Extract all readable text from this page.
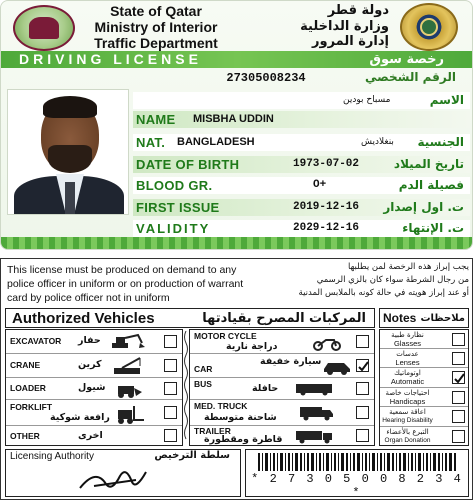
State of Qatar
Ministry of Interior
Traffic Department
دولة قطر
وزارة الداخلية
إدارة المرور
DRIVING LICENSE	رخصة سوق
27305008234	الرقم الشخصي
مسباح بودين	الاسم
NAME MISBHA UDDIN
NAT. BANGLADESH	بنغلاديش الجنسية
DATE OF BIRTH	1973-07-02	تاريخ الميلاد
BLOOD GR.	O+	فصيلة الدم
FIRST ISSUE	2019-12-16 ت. اول إصدار
VALIDITY	2029-12-16	ت. الإنتهاء
This license must be produced on demand to any police officer in uniform or on production of warrant card by police officer not in uniform
يجب إبراز هذه الرخصة لمن يطلبها
من رجال الشرطة سواء كان بالزي الرسمي
أو عند إبراز هويته في حالة كونه بالملابس المدنية
Authorized Vehicles	المركبات المصرح بقيادتها Notes ملاحظات
EXCAVATOR حفار
CRANE	كرين
LOADER	شيول
FORKLIFT
رافعة شوكية
OTHER	اخرى
MOTOR CYCLE
دراجة نارية
CAR
سيارة خفيفة
BUS	حافلة
MED. TRUCK
شاحنة متوسطة
TRAILER
قاطرة ومقطورة
نظارة طبية
Glasses
عدسات
Lenses
اوتوماتيك
Automatic
احتياجات خاصة
Handicaps
اعاقة سمعية
Hearing Disability
التبرع بالأعضاء
Organ Donation
Licensing Authority	سلطة الترخيص
* 2 7 3 0 5 0 0 8 2 3 4 *
